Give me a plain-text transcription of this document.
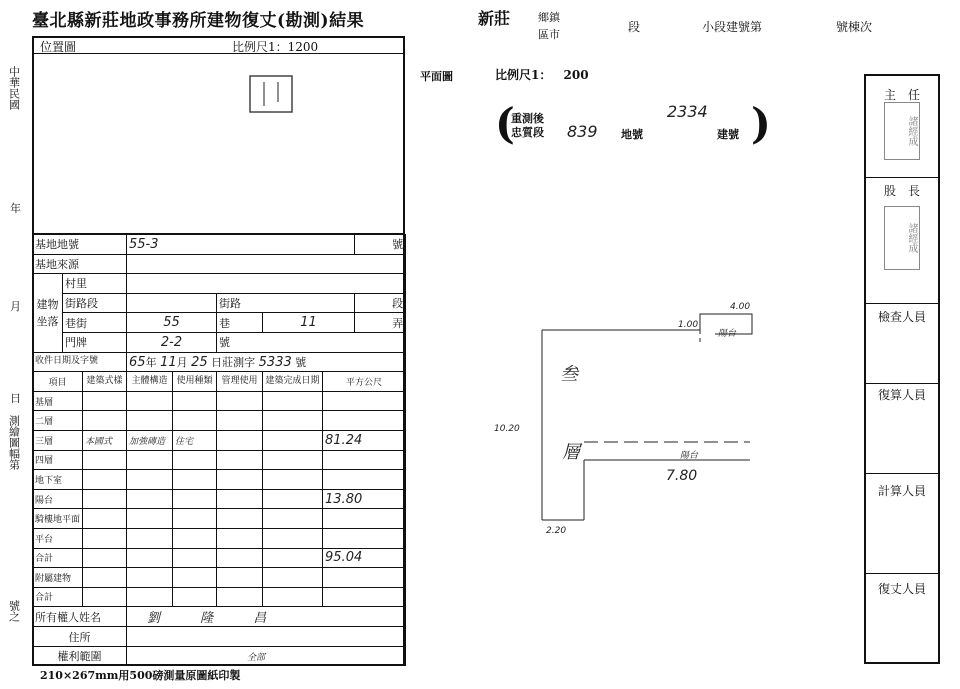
臺北縣新莊地政事務所建物復丈(勘測)結果
中華民國
年
月
日
測繪圖幅第
號之
位置圖	比例尺1：1200
基地地號			55-3					號
基地來源								
建物坐落	村里							
	街路段				街路			段
	巷街		55		巷	11		弄
	門牌		2-2		號			
收件日期及字號			65年 11月 25 日莊測字 5333 號					
項目		建築式樣	主體構造	使用種類	管理使用	建築完成日期	平方公尺	
基層								
二層								
三層		本國式	加強磚造	住宅			81.24	
四層								
地下室								
陽台							13.80	
騎樓地平面								
平台								
合計							95.04	
附屬建物								
合計								
所有權人姓名			劉 隆 昌					
住所								
權利範圍			全部					
210×267mm用500磅測量原圖紙印製
新莊	鄉鎮
區市	段	小段建號第	號棟次
平面圖	比例尺1： 200
(
重測後 忠質段	839 地號
2334
建號 )
叁
層
陽台
陽台
1.00
4.00
10.20
7.80
2.20
主　任
股　長
檢查人員
復算人員
計算人員
復丈人員
諸經成
諸經成
